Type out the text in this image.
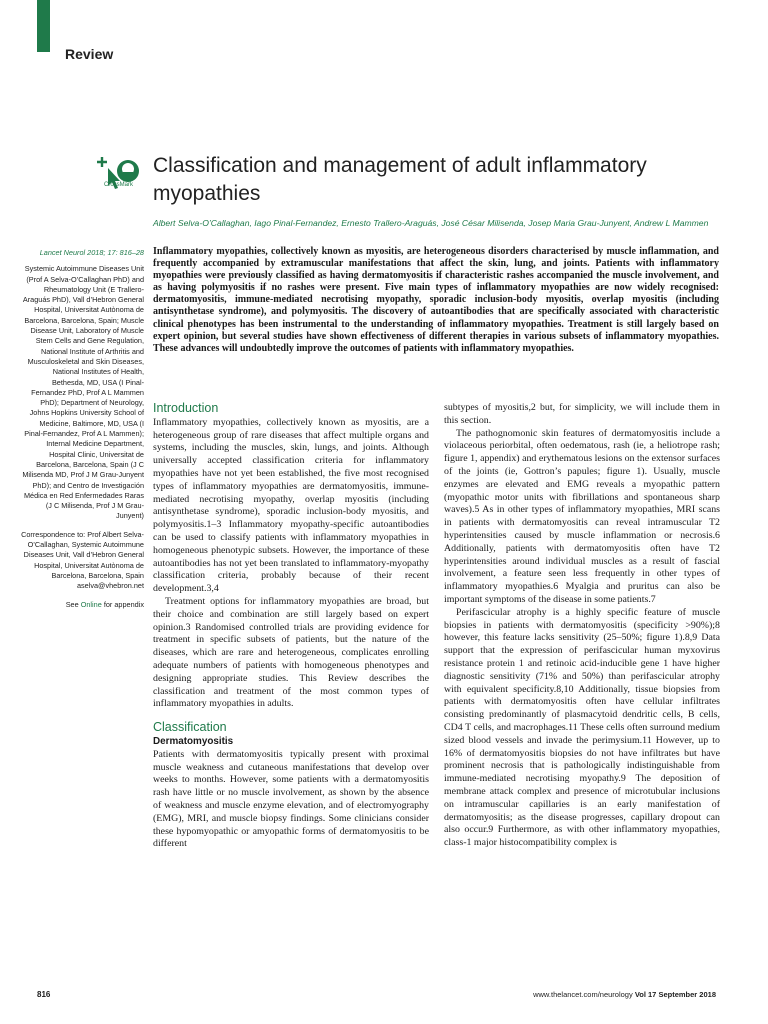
Review
CrossMark
Classification and management of adult inflammatory myopathies
Albert Selva-O’Callaghan, Iago Pinal-Fernandez, Ernesto Trallero-Araguás, José César Milisenda, Josep Maria Grau-Junyent, Andrew L Mammen

Lancet Neurol 2018; 17: 816–28

Systemic Autoimmune Diseases Unit (Prof A Selva-O’Callaghan PhD) and Rheumatology Unit (E Trallero-Araguás PhD), Vall d’Hebron General Hospital, Universitat Autònoma de Barcelona, Barcelona, Spain; Muscle Disease Unit, Laboratory of Muscle Stem Cells and Gene Regulation, National Institute of Arthritis and Musculoskeletal and Skin Diseases, National Institutes of Health, Bethesda, MD, USA (I Pinal-Fernandez PhD, Prof A L Mammen PhD); Department of Neurology, Johns Hopkins University School of Medicine, Baltimore, MD, USA (I Pinal-Fernandez, Prof A L Mammen); Internal Medicine Department, Hospital Clinic, Universitat de Barcelona, Barcelona, Spain (J C Milisenda MD, Prof J M Grau-Junyent PhD); and Centro de Investigación Médica en Red Enfermedades Raras (J C Milisenda, Prof J M Grau-Junyent)

Correspondence to: Prof Albert Selva-O’Callaghan, Systemic Autoimmune Diseases Unit, Vall d’Hebron General Hospital, Universitat Autònoma de Barcelona, Barcelona, Spain aselva@vhebron.net

See Online for appendix

Inflammatory myopathies, collectively known as myositis, are heterogeneous disorders characterised by muscle inflammation, and frequently accompanied by extramuscular manifestations that affect the skin, lung, and joints. Patients with inflammatory myopathies were previously classified as having dermatomyositis if characteristic rashes accompanied the muscle involvement, and as having polymyositis if no rashes were present. Five main types of inflammatory myopathies are now widely recognised: dermatomyositis, immune-mediated necrotising myopathy, sporadic inclusion-body myositis, overlap myositis (including antisynthetase syndrome), and polymyositis. The discovery of autoantibodies that are specifically associated with characteristic clinical phenotypes has been instrumental to the understanding of inflammatory myopathies. Treatment is still largely based on expert opinion, but several studies have shown effectiveness of different therapies in various subsets of inflammatory myopathies. These advances will undoubtedly improve the outcomes of patients with inflammatory myopathies.
Introduction

Inflammatory myopathies, collectively known as myositis, are a heterogeneous group of rare diseases that affect multiple organs and systems, including the muscles, skin, lungs, and joints. Although universally accepted classification criteria for inflammatory myopathies have not yet been established, the five most recognised types of inflammatory myopathies are dermatomyositis, immune-mediated necrotising myopathy, overlap myositis (including antisynthetase syndrome), sporadic inclusion-body myositis, and polymyositis.1–3 Inflammatory myopathy-specific autoantibodies can be used to classify patients with inflammatory myopathies in homogeneous phenotypic subsets. However, the importance of these autoantibodies has not yet been translated to inflammatory-myopathy classification criteria, probably because of their recent development.3,4

Treatment options for inflammatory myopathies are broad, but their choice and combination are still largely based on expert opinion.3 Randomised controlled trials are providing evidence for treatment in specific subsets of patients, but the nature of the diseases, which are rare and heterogeneous, complicates enrolling adequate numbers of patients with homogeneous phenotypes and designing appropriate studies. This Review describes the classification and treatment of the most common types of inflammatory myopathies in adults.

Classification
Dermatomyositis

Patients with dermatomyositis typically present with proximal muscle weakness and cutaneous manifestations that develop over weeks to months. However, some patients with a dermatomyositis rash have little or no muscle involvement, as shown by the absence of weakness and muscle enzyme elevation, and of electromyography (EMG), MRI, and muscle biopsy findings. Some clinicians consider these hypomyopathic or amyopathic forms of dermatomyositis to be different

subtypes of myositis,2 but, for simplicity, we will include them in this section.

The pathognomonic skin features of dermatomyositis include a violaceous periorbital, often oedematous, rash (ie, a heliotrope rash; figure 1, appendix) and erythematous lesions on the extensor surfaces of the joints (ie, Gottron’s papules; figure 1). Usually, muscle enzymes are elevated and EMG reveals a myopathic pattern (myopathic motor units with fibrillations and spontaneous sharp waves).5 As in other types of inflammatory myopathies, MRI scans in patients with dermatomyositis can reveal intramuscular T2 hyperintensities caused by muscle inflammation or necrosis.6 Additionally, patients with dermatomyositis often have T2 hyperintensities around individual muscles as a result of fascial involvement, a feature seen less frequently in other types of inflammatory myopathies.6 Myalgia and pruritus can also be important symptoms of the disease in some patients.7

Perifascicular atrophy is a highly specific feature of muscle biopsies in patients with dermatomyositis (specificity >90%);8 however, this feature lacks sensitivity (25–50%; figure 1).8,9 Data support that the expression of perifascicular human myxovirus resistance protein 1 and retinoic acid-inducible gene 1 have higher diagnostic sensitivity (71% and 50%) than perifascicular atrophy with equivalent specificity.8,10 Additionally, tissue biopsies from patients with dermatomyositis often have cellular infiltrates consisting predominantly of plasmacytoid dendritic cells, B cells, CD4 T cells, and macrophages.11 These cells often surround medium sized blood vessels and invade the perimysium.11 However, up to 16% of dermatomyositis biopsies do not have infiltrates but have prominent necrosis that is pathologically indistinguishable from immune-mediated necrotising myopathy.9 The deposition of membrane attack complex and presence of microtubular inclusions on intramuscular capillaries is an early manifestation of dermatomyositis; as the disease progresses, capillary dropout can also occur.9 Furthermore, as with other inflammatory myopathies, class-1 major histocompatibility complex is

816	www.thelancet.com/neurology Vol 17 September 2018
